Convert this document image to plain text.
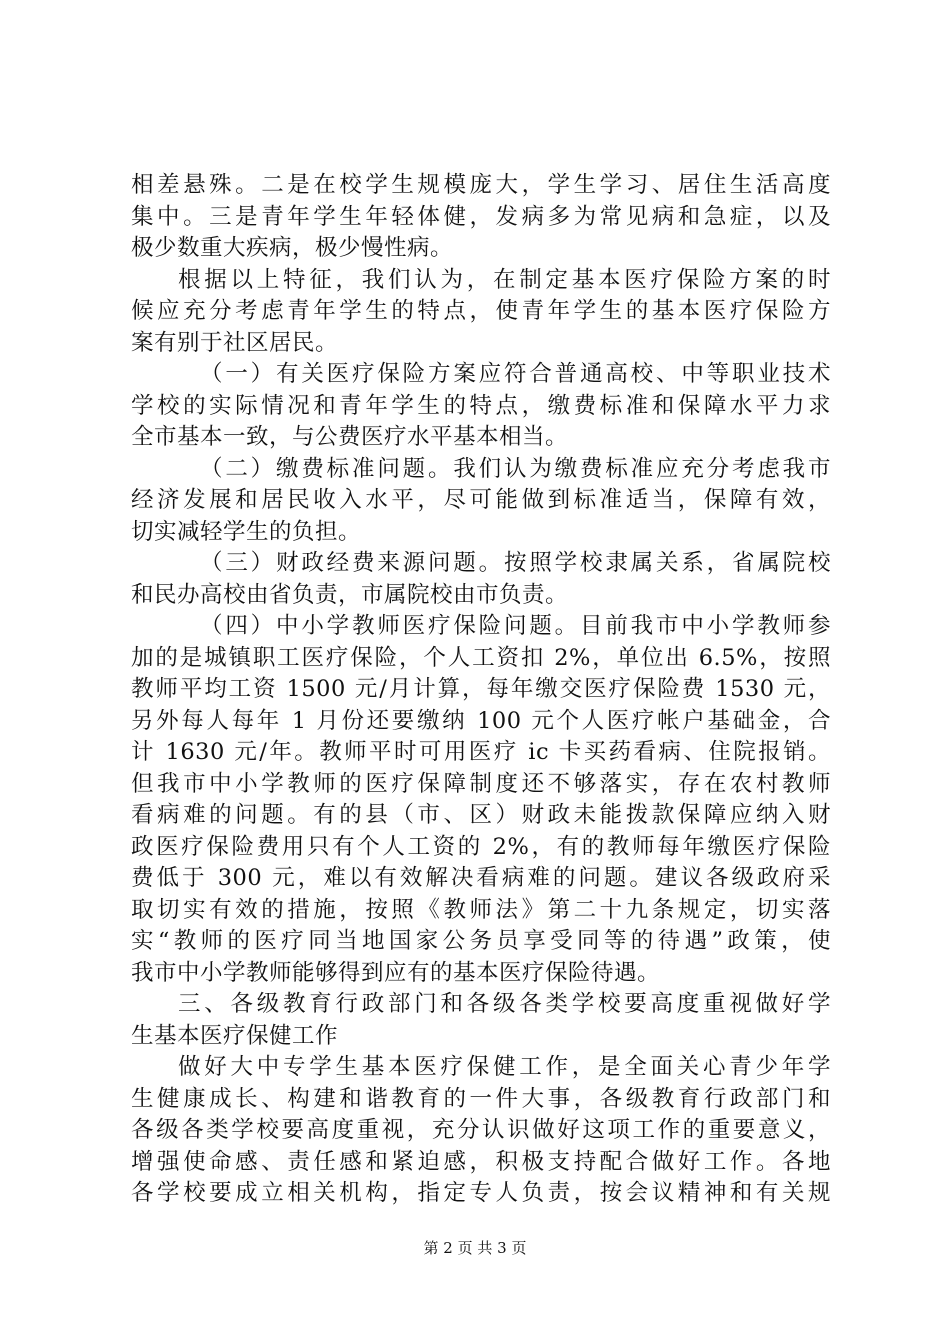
相差悬殊。二是在校学生规模庞大，学生学习、居住生活高度
集中。三是青年学生年轻体健，发病多为常见病和急症，以及
极少数重大疾病，极少慢性病。
根据以上特征，我们认为，在制定基本医疗保险方案的时
候应充分考虑青年学生的特点，使青年学生的基本医疗保险方
案有别于社区居民。
（一）有关医疗保险方案应符合普通高校、中等职业技术
学校的实际情况和青年学生的特点，缴费标准和保障水平力求
全市基本一致，与公费医疗水平基本相当。
（二）缴费标准问题。我们认为缴费标准应充分考虑我市
经济发展和居民收入水平，尽可能做到标准适当，保障有效，
切实减轻学生的负担。
（三）财政经费来源问题。按照学校隶属关系，省属院校
和民办高校由省负责，市属院校由市负责。
（四）中小学教师医疗保险问题。目前我市中小学教师参
加的是城镇职工医疗保险，个人工资扣 2%，单位出 6.5%，按照
教师平均工资 1500 元/月计算，每年缴交医疗保险费 1530 元，
另外每人每年 1 月份还要缴纳 100 元个人医疗帐户基础金，合
计 1630 元/年。教师平时可用医疗 ic 卡买药看病、住院报销。
但我市中小学教师的医疗保障制度还不够落实，存在农村教师
看病难的问题。有的县（市、区）财政未能拨款保障应纳入财
政医疗保险费用只有个人工资的 2%，有的教师每年缴医疗保险
费低于 300 元，难以有效解决看病难的问题。建议各级政府采
取切实有效的措施，按照《教师法》第二十九条规定，切实落
实“教师的医疗同当地国家公务员享受同等的待遇”政策，使
我市中小学教师能够得到应有的基本医疗保险待遇。
三、各级教育行政部门和各级各类学校要高度重视做好学
生基本医疗保健工作
做好大中专学生基本医疗保健工作，是全面关心青少年学
生健康成长、构建和谐教育的一件大事，各级教育行政部门和
各级各类学校要高度重视，充分认识做好这项工作的重要意义，
增强使命感、责任感和紧迫感，积极支持配合做好工作。各地
各学校要成立相关机构，指定专人负责，按会议精神和有关规
第 2 页 共 3 页
